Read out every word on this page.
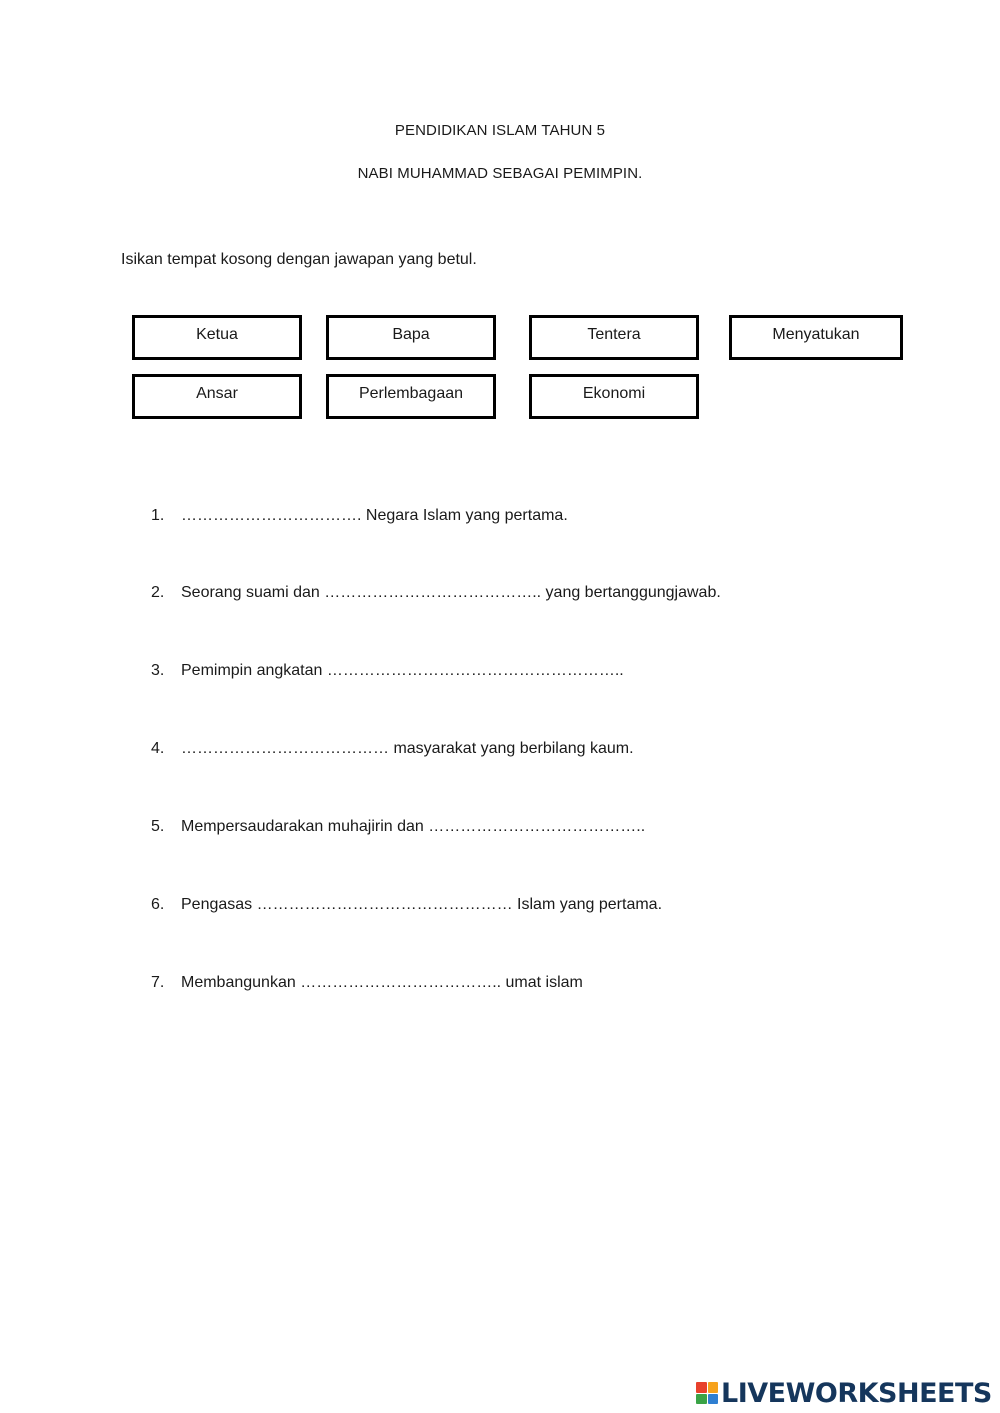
PENDIDIKAN ISLAM TAHUN 5
NABI MUHAMMAD SEBAGAI PEMIMPIN.
Isikan tempat kosong dengan jawapan yang betul.
Ketua	Bapa	Tentera	Menyatukan
Ansar	Perlembagaan	Ekonomi
1. ……………………………. Negara Islam yang pertama.
2. Seorang suami dan ………………………………….. yang bertanggungjawab.
3. Pemimpin angkatan ………………………………………………..
4. ………………………………… masyarakat yang berbilang kaum.
5. Mempersaudarakan muhajirin dan …………………………………..
6. Pengasas ………………………………………… Islam yang pertama.
7. Membangunkan ……………………………….. umat islam
LIVEWORKSHEETS
